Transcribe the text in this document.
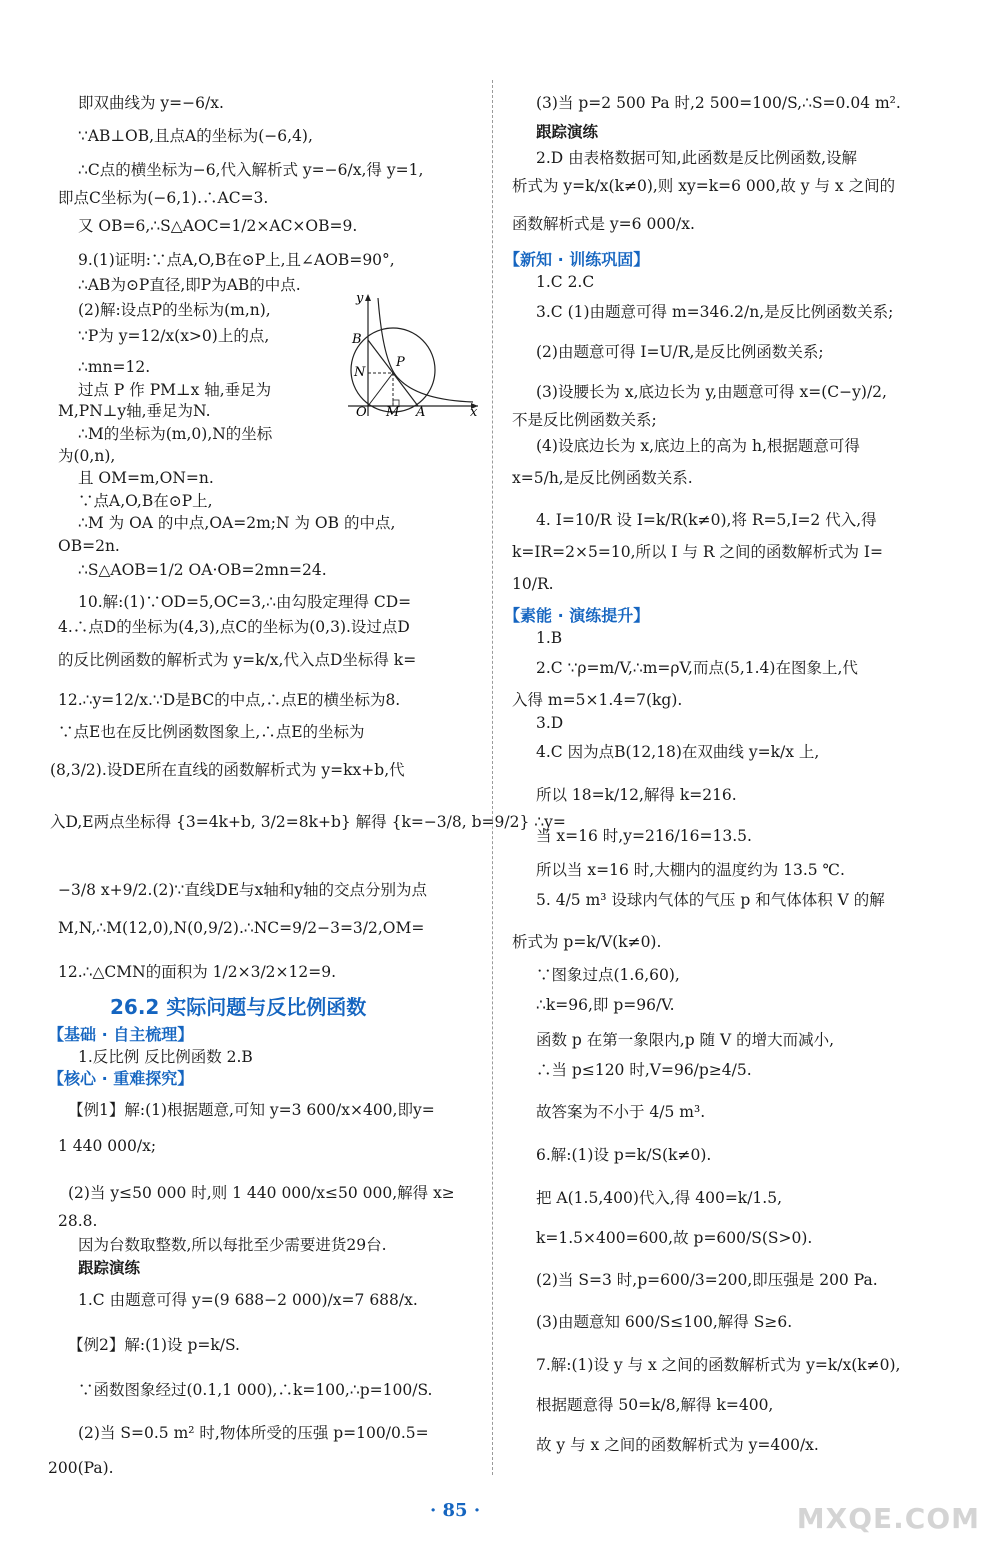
即双曲线为 y=−6/x.
∵AB⊥OB,且点A的坐标为(−6,4),
∴C点的横坐标为−6,代入解析式 y=−6/x,得 y=1,
即点C坐标为(−6,1).∴AC=3.
又 OB=6,∴S△AOC=1/2×AC×OB=9.
9.(1)证明:∵点A,O,B在⊙P上,且∠AOB=90°,
∴AB为⊙P直径,即P为AB的中点.
(2)解:设点P的坐标为(m,n),
∵P为 y=12/x(x>0)上的点,
∴mn=12.
过点 P 作 PM⊥x 轴,垂足为
M,PN⊥y轴,垂足为N.
∴M的坐标为(m,0),N的坐标
为(0,n),
且 OM=m,ON=n.
∵点A,O,B在⊙P上,
∴M 为 OA 的中点,OA=2m;N 为 OB 的中点,
OB=2n.
∴S△AOB=1/2 OA·OB=2mn=24.
10.解:(1)∵OD=5,OC=3,∴由勾股定理得 CD=
4.∴点D的坐标为(4,3),点C的坐标为(0,3).设过点D
的反比例函数的解析式为 y=k/x,代入点D坐标得 k=
12.∴y=12/x.∵D是BC的中点,∴点E的横坐标为8.
∵点E也在反比例函数图象上,∴点E的坐标为
(8,3/2).设DE所在直线的函数解析式为 y=kx+b,代
入D,E两点坐标得 {3=4k+b, 3/2=8k+b} 解得 {k=−3/8, b=9/2} ∴y=
−3/8 x+9/2.(2)∵直线DE与x轴和y轴的交点分别为点
M,N,∴M(12,0),N(0,9/2).∴NC=9/2−3=3/2,OM=
12.∴△CMN的面积为 1/2×3/2×12=9.
26.2 实际问题与反比例函数
【基础 · 自主梳理】
1.反比例 反比例函数 2.B
【核心 · 重难探究】
【例1】解:(1)根据题意,可知 y=3 600/x×400,即y=
1 440 000/x;
(2)当 y≤50 000 时,则 1 440 000/x≤50 000,解得 x≥
28.8.
因为台数取整数,所以每批至少需要进货29台.
跟踪演练
1.C 由题意可得 y=(9 688−2 000)/x=7 688/x.
【例2】解:(1)设 p=k/S.
∵函数图象经过(0.1,1 000),∴k=100,∴p=100/S.
(2)当 S=0.5 m² 时,物体所受的压强 p=100/0.5=
200(Pa).
y
B
P
N
O M A	x
(3)当 p=2 500 Pa 时,2 500=100/S,∴S=0.04 m².
跟踪演练
2.D 由表格数据可知,此函数是反比例函数,设解
析式为 y=k/x(k≠0),则 xy=k=6 000,故 y 与 x 之间的
函数解析式是 y=6 000/x.
【新知 · 训练巩固】
1.C 2.C
3.C (1)由题意可得 m=346.2/n,是反比例函数关系;
(2)由题意可得 I=U/R,是反比例函数关系;
(3)设腰长为 x,底边长为 y,由题意可得 x=(C−y)/2,
不是反比例函数关系;
(4)设底边长为 x,底边上的高为 h,根据题意可得
x=5/h,是反比例函数关系.
4. I=10/R 设 I=k/R(k≠0),将 R=5,I=2 代入,得
k=IR=2×5=10,所以 I 与 R 之间的函数解析式为 I=
10/R.
【素能 · 演练提升】
1.B
2.C ∵ρ=m/V,∴m=ρV,而点(5,1.4)在图象上,代
入得 m=5×1.4=7(kg).
3.D
4.C 因为点B(12,18)在双曲线 y=k/x 上,
所以 18=k/12,解得 k=216.
当 x=16 时,y=216/16=13.5.
所以当 x=16 时,大棚内的温度约为 13.5 ℃.
5. 4/5 m³ 设球内气体的气压 p 和气体体积 V 的解
析式为 p=k/V(k≠0).
∵图象过点(1.6,60),
∴k=96,即 p=96/V.
函数 p 在第一象限内,p 随 V 的增大而减小,
∴当 p≤120 时,V=96/p≥4/5.
故答案为不小于 4/5 m³.
6.解:(1)设 p=k/S(k≠0).
把 A(1.5,400)代入,得 400=k/1.5,
k=1.5×400=600,故 p=600/S(S>0).
(2)当 S=3 时,p=600/3=200,即压强是 200 Pa.
(3)由题意知 600/S≤100,解得 S≥6.
7.解:(1)设 y 与 x 之间的函数解析式为 y=k/x(k≠0),
根据题意得 50=k/8,解得 k=400,
故 y 与 x 之间的函数解析式为 y=400/x.
· 85 ·	MXQE.COM
